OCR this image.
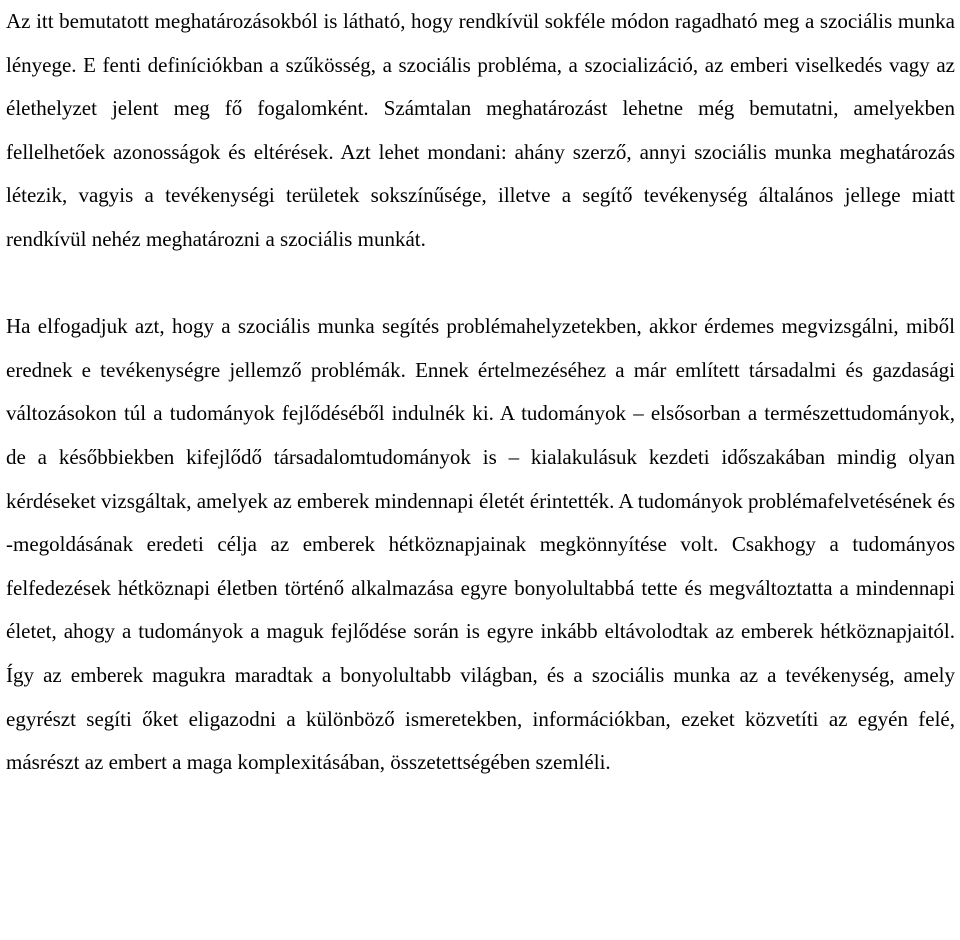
Az itt bemutatott meghatározásokból is látható, hogy rendkívül sokféle módon ragadható meg a szociális munka lényege. E fenti definíciókban a szűkösség, a szociális probléma, a szocializáció, az emberi viselkedés vagy az élethelyzet jelent meg fő fogalomként. Számtalan meghatározást lehetne még bemutatni, amelyekben fellelhetőek azonosságok és eltérések. Azt lehet mondani: ahány szerző, annyi szociális munka meghatározás létezik, vagyis a tevékenységi területek sokszínűsége, illetve a segítő tevékenység általános jellege miatt rendkívül nehéz meghatározni a szociális munkát.

Ha elfogadjuk azt, hogy a szociális munka segítés problémahelyzetekben, akkor érdemes megvizsgálni, miből erednek e tevékenységre jellemző problémák. Ennek értelmezéséhez a már említett társadalmi és gazdasági változásokon túl a tudományok fejlődéséből indulnék ki. A tudományok – elsősorban a természettudományok, de a későbbiekben kifejlődő társadalomtudományok is – kialakulásuk kezdeti időszakában mindig olyan kérdéseket vizsgáltak, amelyek az emberek mindennapi életét érintették. A tudományok problémafelvetésének és -megoldásának eredeti célja az emberek hétköznapjainak megkönnyítése volt. Csakhogy a tudományos felfedezések hétköznapi életben történő alkalmazása egyre bonyolultabbá tette és megváltoztatta a mindennapi életet, ahogy a tudományok a maguk fejlődése során is egyre inkább eltávolodtak az emberek hétköznapjaitól. Így az emberek magukra maradtak a bonyolultabb világban, és a szociális munka az a tevékenység, amely egyrészt segíti őket eligazodni a különböző ismeretekben, információkban, ezeket közvetíti az egyén felé, másrészt az embert a maga komplexitásában, összetettségében szemléli.
